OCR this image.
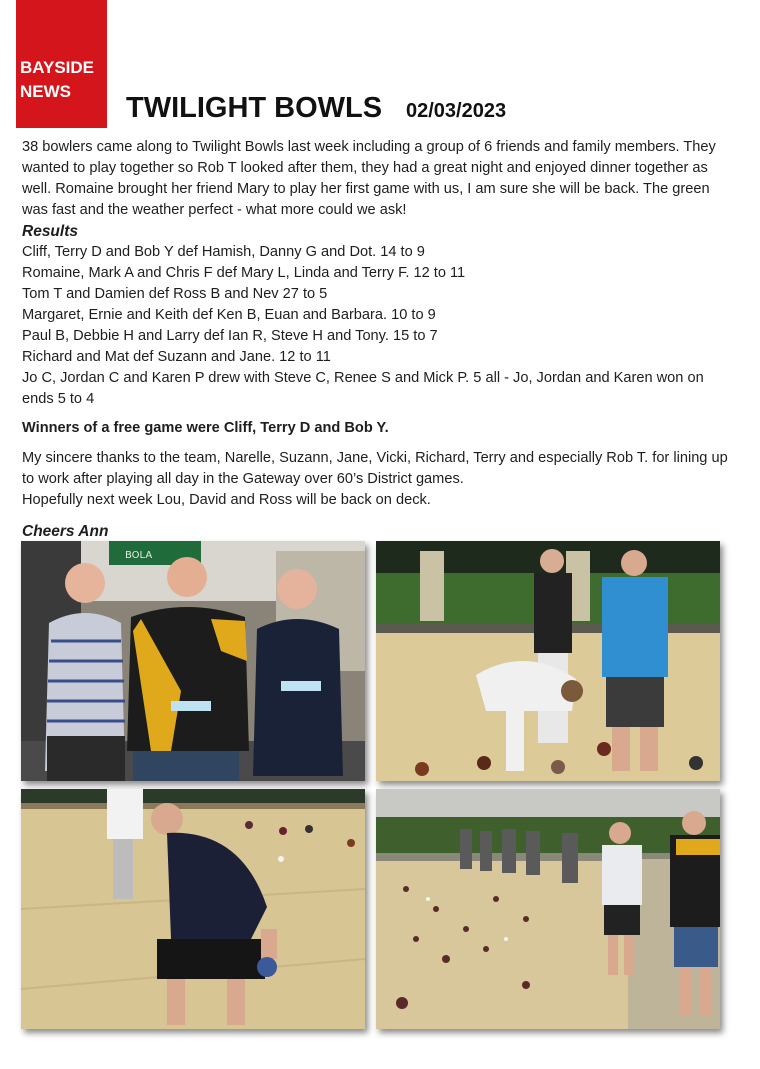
BAYSIDE
NEWS
TWILIGHT BOWLS 02/03/2023

38 bowlers came along to Twilight Bowls last week including a group of 6 friends and family members. They wanted to play together so Rob T looked after them, they had a great night and enjoyed dinner together as well. Romaine brought her friend Mary to play her first game with us, I am sure she will be back. The green was fast and the weather perfect - what more could we ask!

Results
Cliff, Terry D and Bob Y def Hamish, Danny G and Dot. 14 to 9
Romaine, Mark A and Chris F def Mary L, Linda and Terry F. 12 to 11
Tom T and Damien def Ross B and Nev 27 to 5
Margaret, Ernie and Keith def Ken B, Euan and Barbara. 10 to 9
Paul B, Debbie H and Larry def Ian R, Steve H and Tony. 15 to 7
Richard and Mat def Suzann and Jane. 12 to 11
Jo C, Jordan C and Karen P drew with Steve C, Renee S and Mick P. 5 all - Jo, Jordan and Karen won on ends 5 to 4

Winners of a free game were Cliff, Terry D and Bob Y.

My sincere thanks to the team, Narelle, Suzann, Jane, Vicki, Richard, Terry and especially Rob T. for lining up to work after playing all day in the Gateway over 60’s District games.

Hopefully next week Lou, David and Ross will be back on deck.

Cheers Ann

BOLA
